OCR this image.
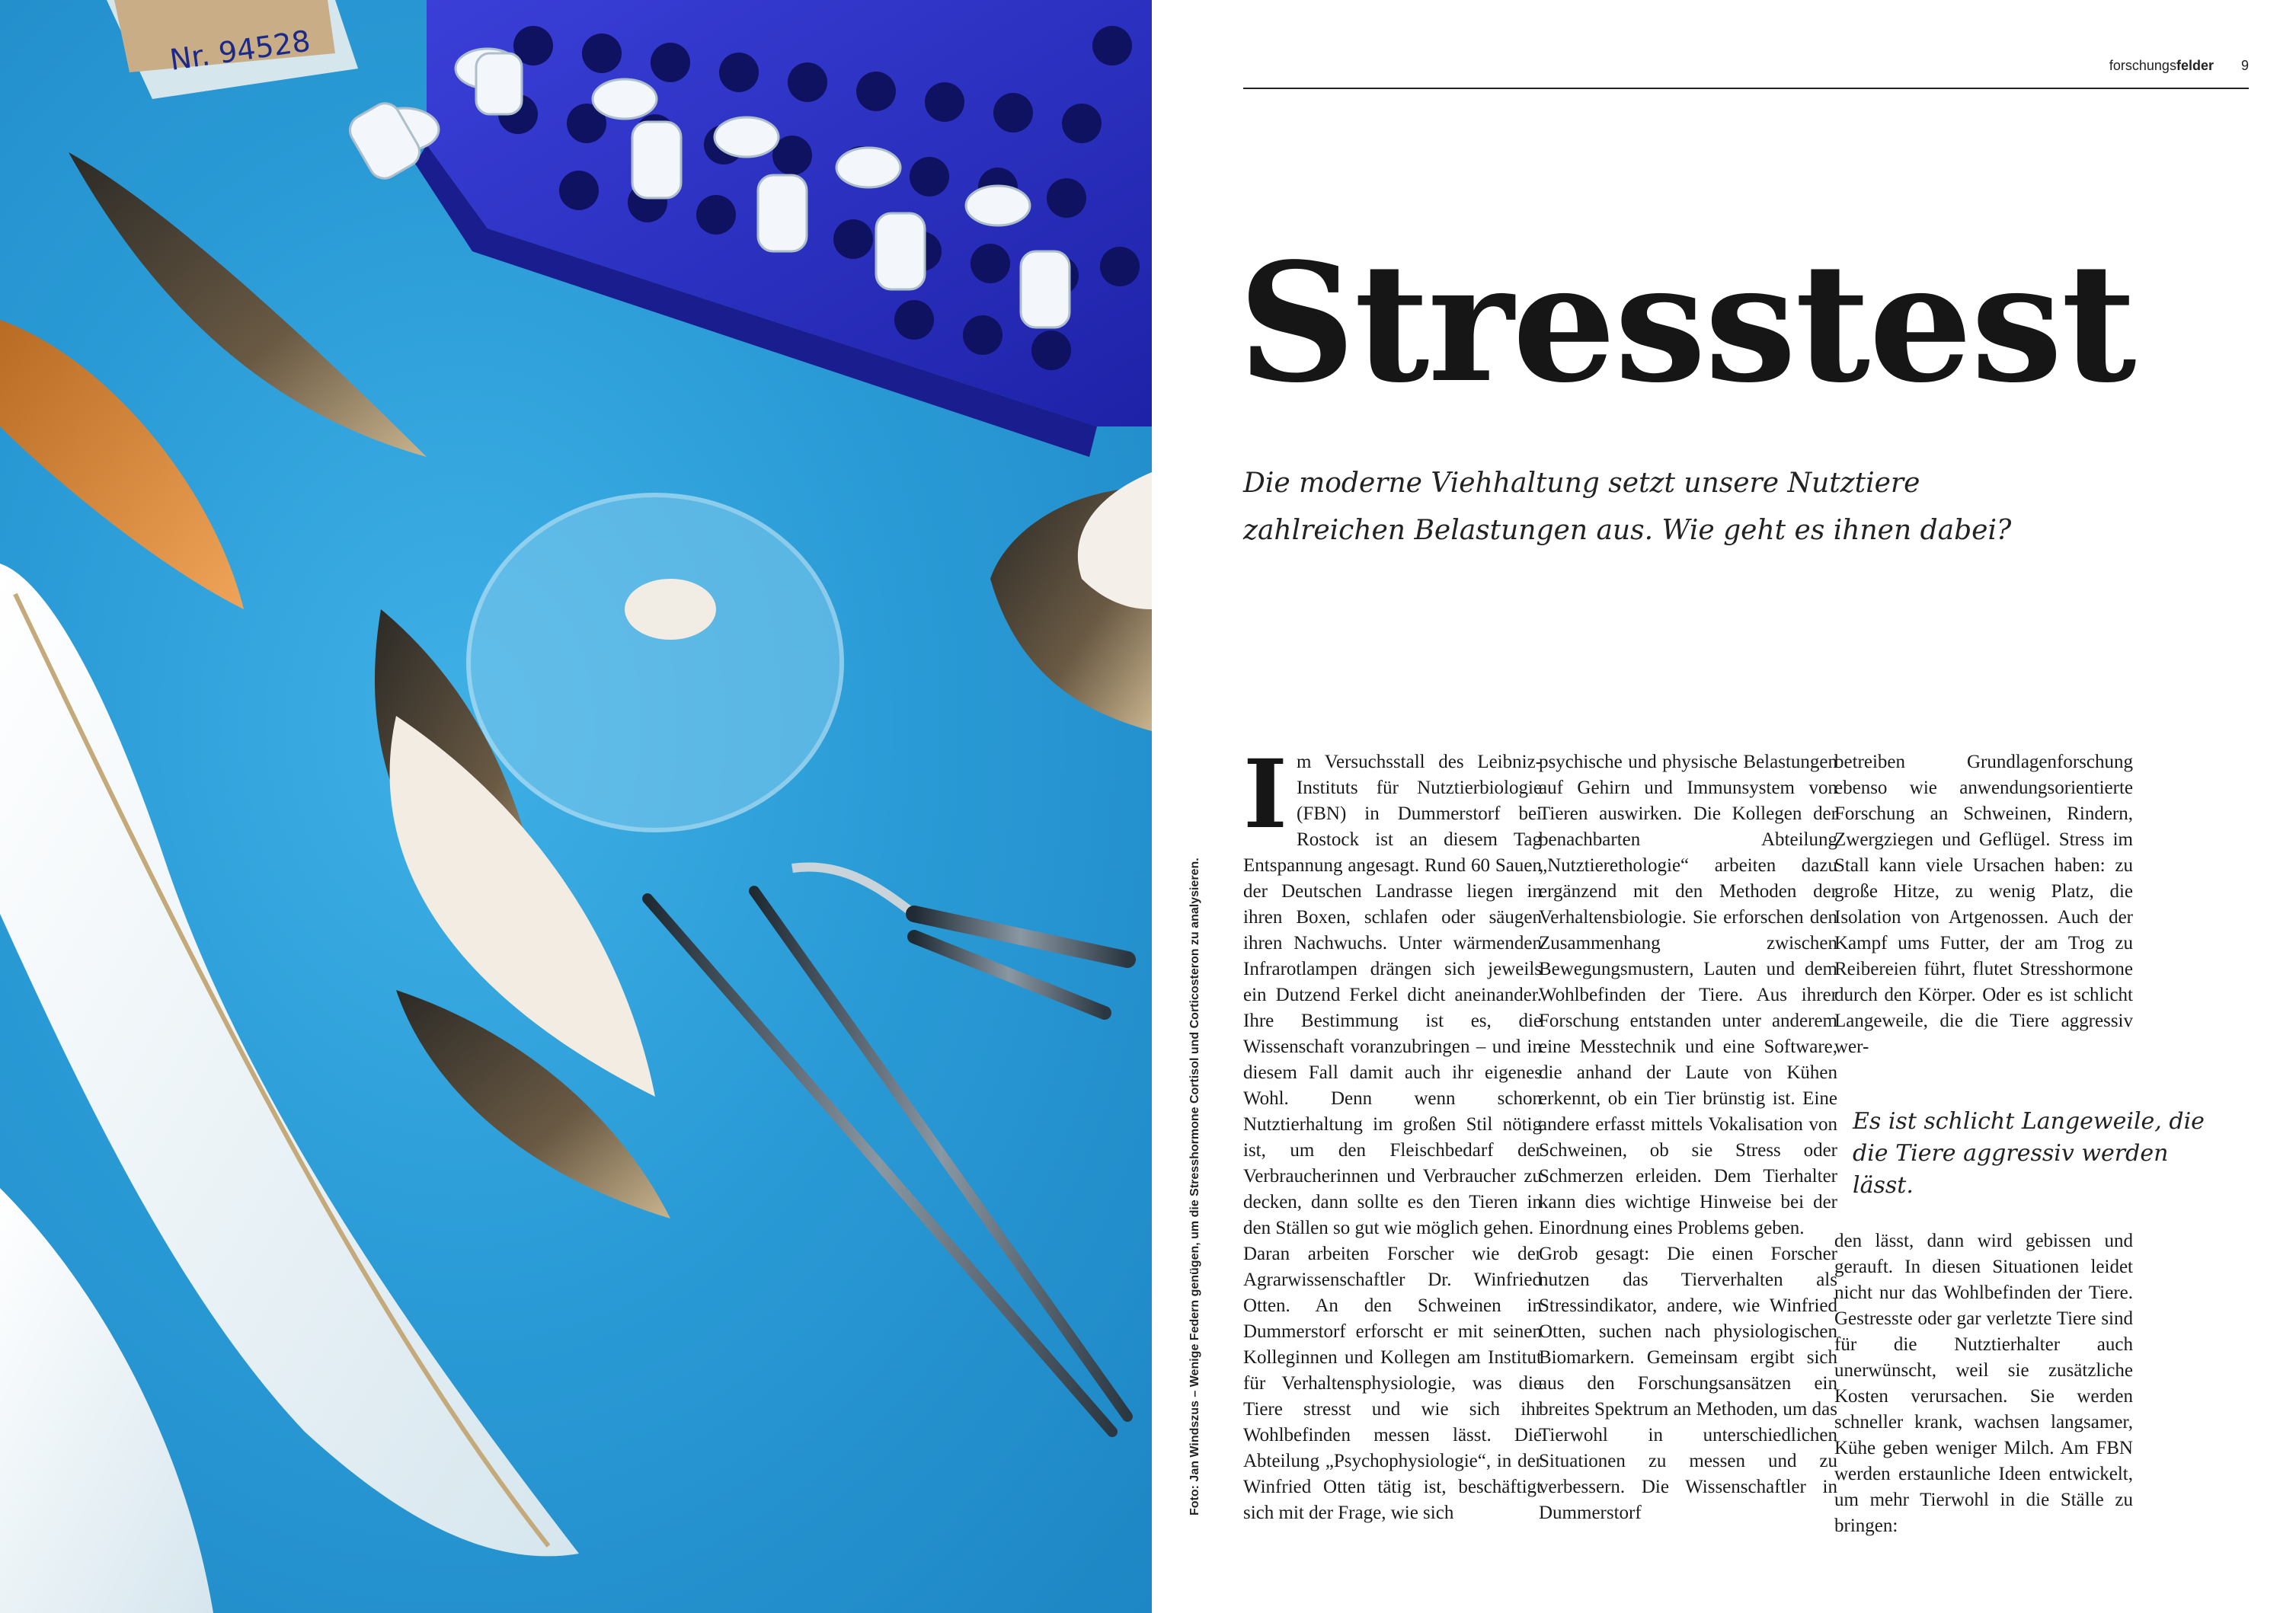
Nr. 94528
Foto: Jan Windszus – Wenige Federn genügen, um die Stresshormone Cortisol und Corticosteron zu analysieren.
forschungsfelder 9
Stresstest
Die moderne Viehhaltung setzt unsere Nutztiere
zahlreichen Belastungen aus. Wie geht es ihnen dabei?
I m Versuchsstall des Leibniz-Instituts für Nutztierbiologie (FBN) in Dummerstorf bei Rostock ist an diesem Tag Entspannung angesagt. Rund 60 Sauen der Deutschen Landrasse liegen in ihren Boxen, schlafen oder säugen ihren Nachwuchs. Unter wärmenden Infrarotlampen drängen sich jeweils ein Dutzend Ferkel dicht aneinander. Ihre Bestimmung ist es, die Wissenschaft voranzubringen – und in diesem Fall damit auch ihr eigenes Wohl. Denn wenn schon Nutztierhaltung im großen Stil nötig ist, um den Fleischbedarf der Verbraucherinnen und Verbraucher zu decken, dann sollte es den Tieren in den Ställen so gut wie möglich gehen.

Daran arbeiten Forscher wie der Agrarwissenschaftler Dr. Winfried Otten. An den Schweinen in Dummerstorf erforscht er mit seinen Kolleginnen und Kollegen am Institut für Verhaltensphysiologie, was die Tiere stresst und wie sich ihr Wohlbefinden messen lässt. Die Abteilung „Psychophysiologie“, in der Winfried Otten tätig ist, beschäftigt sich mit der Frage, wie sich

psychische und physische Belastungen auf Gehirn und Immunsystem von Tieren auswirken. Die Kollegen der benachbarten Abteilung „Nutztierethologie“ arbeiten dazu ergänzend mit den Methoden der Verhaltensbiologie. Sie erforschen den Zusammenhang zwischen Bewegungsmustern, Lauten und dem Wohlbefinden der Tiere. Aus ihrer Forschung entstanden unter anderem eine Messtechnik und eine Software, die anhand der Laute von Kühen erkennt, ob ein Tier brünstig ist. Eine andere erfasst mittels Vokalisation von Schweinen, ob sie Stress oder Schmerzen erleiden. Dem Tierhalter kann dies wichtige Hinweise bei der Einordnung eines Problems geben.

Grob gesagt: Die einen Forscher nutzen das Tierverhalten als Stressindikator, andere, wie Winfried Otten, suchen nach physiologischen Biomarkern. Gemeinsam ergibt sich aus den Forschungsansätzen ein breites Spektrum an Methoden, um das Tierwohl in unterschiedlichen Situationen zu messen und zu verbessern. Die Wissenschaftler in Dummerstorf

betreiben Grundlagenforschung ebenso wie anwendungsorientierte Forschung an Schweinen, Rindern, Zwergziegen und Geflügel. Stress im Stall kann viele Ursachen haben: zu große Hitze, zu wenig Platz, die Isolation von Artgenossen. Auch der Kampf ums Futter, der am Trog zu Reibereien führt, flutet Stresshormone durch den Körper. Oder es ist schlicht Langeweile, die die Tiere aggressiv wer-

Es ist schlicht Langeweile, die die Tiere aggressiv werden lässt.

den lässt, dann wird gebissen und gerauft. In diesen Situationen leidet nicht nur das Wohlbefinden der Tiere. Gestresste oder gar verletzte Tiere sind für die Nutztierhalter auch unerwünscht, weil sie zusätzliche Kosten verursachen. Sie werden schneller krank, wachsen langsamer, Kühe geben weniger Milch. Am FBN werden erstaunliche Ideen entwickelt, um mehr Tierwohl in die Ställe zu bringen:
